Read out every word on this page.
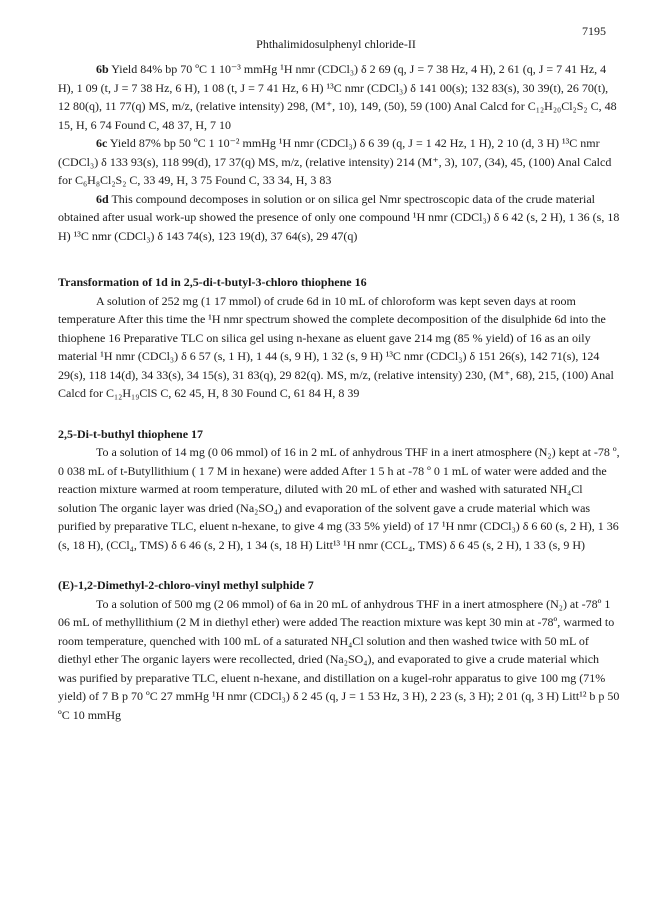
7195
Phthalimidosulphenyl chloride-II

6b Yield 84% bp 70 ºC 1 10⁻³ mmHg ¹H nmr (CDCl₃) δ 2 69 (q, J = 7 38 Hz, 4 H), 2 61 (q, J = 7 41 Hz, 4 H), 1 09 (t, J = 7 38 Hz, 6 H), 1 08 (t, J = 7 41 Hz, 6 H) ¹³C nmr (CDCl₃) δ 141 00(s); 132 83(s), 30 39(t), 26 70(t), 12 80(q), 11 77(q) MS, m/z, (relative intensity) 298, (M⁺, 10), 149, (50), 59 (100) Anal Calcd for C₁₂H₂₀Cl₂S₂ C, 48 15, H, 6 74 Found C, 48 37, H, 7 10

6c Yield 87% bp 50 ºC 1 10⁻² mmHg ¹H nmr (CDCl₃) δ 6 39 (q, J = 1 42 Hz, 1 H), 2 10 (d, 3 H) ¹³C nmr (CDCl₃) δ 133 93(s), 118 99(d), 17 37(q) MS, m/z, (relative intensity) 214 (M⁺, 3), 107, (34), 45, (100) Anal Calcd for C₆H₈Cl₂S₂ C, 33 49, H, 3 75 Found C, 33 34, H, 3 83

6d This compound decomposes in solution or on silica gel Nmr spectroscopic data of the crude material obtained after usual work-up showed the presence of only one compound ¹H nmr (CDCl₃) δ 6 42 (s, 2 H), 1 36 (s, 18 H) ¹³C nmr (CDCl₃) δ 143 74(s), 123 19(d), 37 64(s), 29 47(q)

Transformation of 1d in 2,5-di-t-butyl-3-chloro thiophene 16

A solution of 252 mg (1 17 mmol) of crude 6d in 10 mL of chloroform was kept seven days at room temperature After this time the ¹H nmr spectrum showed the complete decomposition of the disulphide 6d into the thiophene 16 Preparative TLC on silica gel using n-hexane as eluent gave 214 mg (85 % yield) of 16 as an oily material ¹H nmr (CDCl₃) δ 6 57 (s, 1 H), 1 44 (s, 9 H), 1 32 (s, 9 H) ¹³C nmr (CDCl₃) δ 151 26(s), 142 71(s), 124 29(s), 118 14(d), 34 33(s), 34 15(s), 31 83(q), 29 82(q). MS, m/z, (relative intensity) 230, (M⁺, 68), 215, (100) Anal Calcd for C₁₂H₁₉ClS C, 62 45, H, 8 30 Found C, 61 84 H, 8 39

2,5-Di-t-buthyl thiophene 17

To a solution of 14 mg (0 06 mmol) of 16 in 2 mL of anhydrous THF in a inert atmosphere (N₂) kept at -78 º, 0 038 mL of t-Butyllithium ( 1 7 M in hexane) were added After 1 5 h at -78 º 0 1 mL of water were added and the reaction mixture warmed at room temperature, diluted with 20 mL of ether and washed with saturated NH₄Cl solution The organic layer was dried (Na₂SO₄) and evaporation of the solvent gave a crude material which was purified by preparative TLC, eluent n-hexane, to give 4 mg (33 5% yield) of 17 ¹H nmr (CDCl₃) δ 6 60 (s, 2 H), 1 36 (s, 18 H), (CCl₄, TMS) δ 6 46 (s, 2 H), 1 34 (s, 18 H) Litt¹³ ¹H nmr (CCL₄, TMS) δ 6 45 (s, 2 H), 1 33 (s, 9 H)

(E)-1,2-Dimethyl-2-chloro-vinyl methyl sulphide 7

To a solution of 500 mg (2 06 mmol) of 6a in 20 mL of anhydrous THF in a inert atmosphere (N₂) at -78º 1 06 mL of methyllithium (2 M in diethyl ether) were added The reaction mixture was kept 30 min at -78º, warmed to room temperature, quenched with 100 mL of a saturated NH₄Cl solution and then washed twice with 50 mL of diethyl ether The organic layers were recollected, dried (Na₂SO₄), and evaporated to give a crude material which was purified by preparative TLC, eluent n-hexane, and distillation on a kugel-rohr apparatus to give 100 mg (71% yield) of 7 B p 70 ºC 27 mmHg ¹H nmr (CDCl₃) δ 2 45 (q, J = 1 53 Hz, 3 H), 2 23 (s, 3 H); 2 01 (q, 3 H) Litt¹² b p 50 ºC 10 mmHg
